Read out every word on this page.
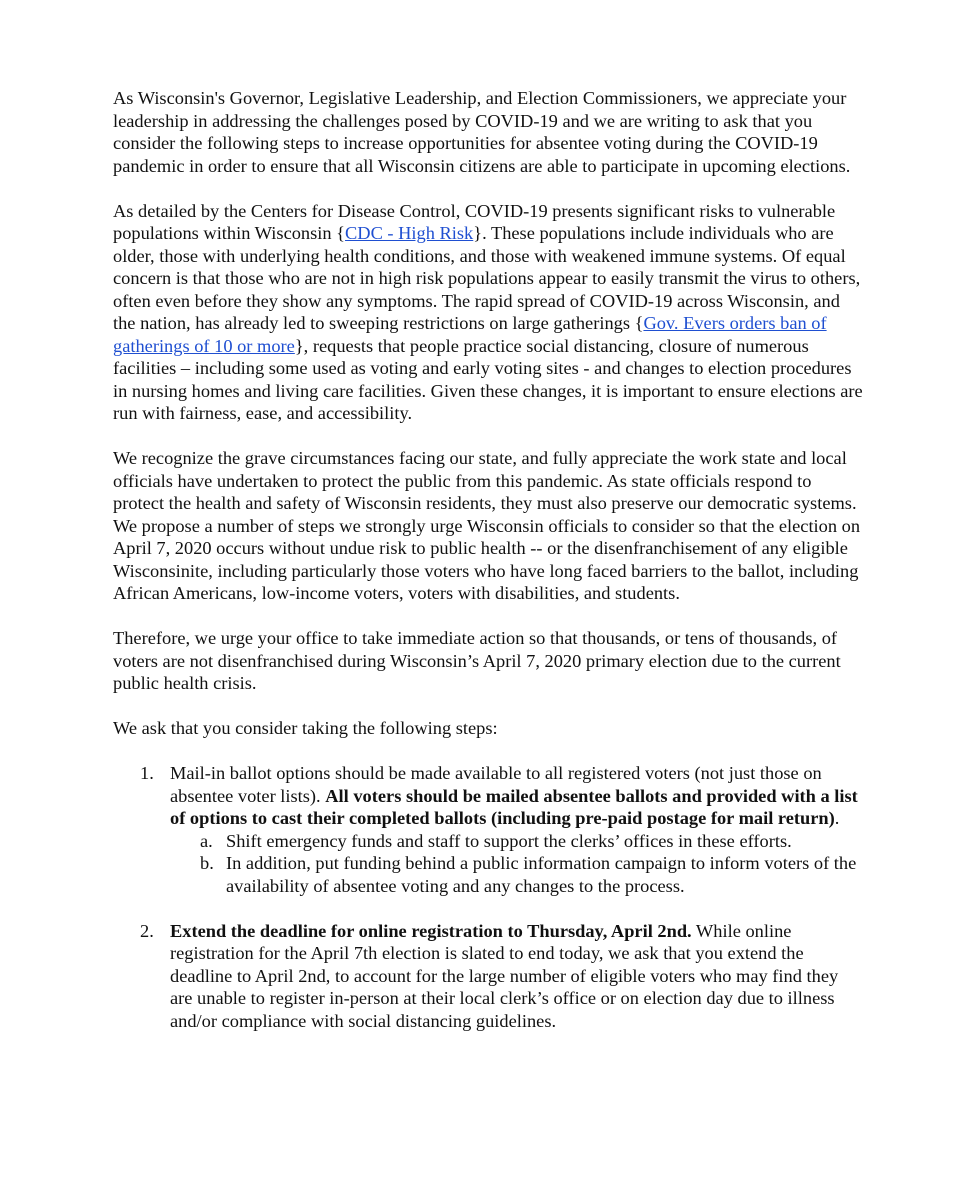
As Wisconsin's Governor, Legislative Leadership, and Election Commissioners, we appreciate your leadership in addressing the challenges posed by COVID-19 and we are writing to ask that you consider the following steps to increase opportunities for absentee voting during the COVID-19 pandemic in order to ensure that all Wisconsin citizens are able to participate in upcoming elections.

As detailed by the Centers for Disease Control, COVID-19 presents significant risks to vulnerable populations within Wisconsin {CDC - High Risk}. These populations include individuals who are older, those with underlying health conditions, and those with weakened immune systems. Of equal concern is that those who are not in high risk populations appear to easily transmit the virus to others, often even before they show any symptoms. The rapid spread of COVID-19 across Wisconsin, and the nation, has already led to sweeping restrictions on large gatherings {Gov. Evers orders ban of gatherings of 10 or more}, requests that people practice social distancing, closure of numerous facilities – including some used as voting and early voting sites - and changes to election procedures in nursing homes and living care facilities. Given these changes, it is important to ensure elections are run with fairness, ease, and accessibility.

We recognize the grave circumstances facing our state, and fully appreciate the work state and local officials have undertaken to protect the public from this pandemic. As state officials respond to protect the health and safety of Wisconsin residents, they must also preserve our democratic systems. We propose a number of steps we strongly urge Wisconsin officials to consider so that the election on April 7, 2020 occurs without undue risk to public health -- or the disenfranchisement of any eligible Wisconsinite, including particularly those voters who have long faced barriers to the ballot, including African Americans, low-income voters, voters with disabilities, and students.

Therefore, we urge your office to take immediate action so that thousands, or tens of thousands, of voters are not disenfranchised during Wisconsin’s April 7, 2020 primary election due to the current public health crisis.

We ask that you consider taking the following steps:

1. Mail-in ballot options should be made available to all registered voters (not just those on absentee voter lists). All voters should be mailed absentee ballots and provided with a list of options to cast their completed ballots (including pre-paid postage for mail return).
a. Shift emergency funds and staff to support the clerks’ offices in these efforts.
b. In addition, put funding behind a public information campaign to inform voters of the availability of absentee voting and any changes to the process.
2. Extend the deadline for online registration to Thursday, April 2nd. While online registration for the April 7th election is slated to end today, we ask that you extend the deadline to April 2nd, to account for the large number of eligible voters who may find they are unable to register in-person at their local clerk’s office or on election day due to illness and/or compliance with social distancing guidelines.
